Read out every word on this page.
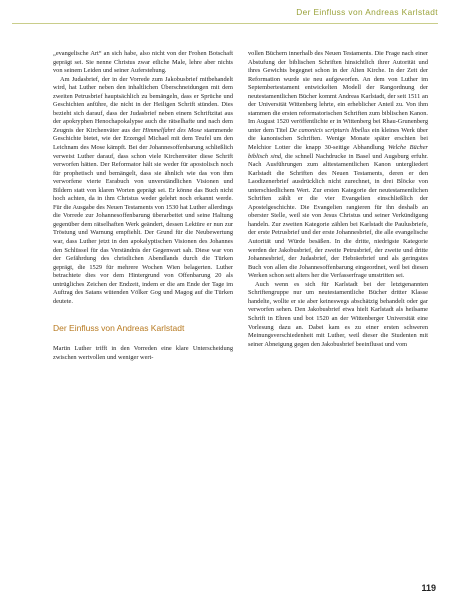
Der Einfluss von Andreas Karlstadt

„evangelische Art“ an sich habe, also nicht von der Frohen Botschaft geprägt sei. Sie nenne Christus zwar etliche Male, lehre aber nichts von seinem Leiden und seiner Auferstehung.

Am Judasbrief, der in der Vorrede zum Jakobusbrief mitbehandelt wird, hat Luther neben den inhaltlichen Überschneidungen mit dem zweiten Petrusbrief hauptsächlich zu bemängeln, dass er Sprüche und Geschichten anführe, die nicht in der Heiligen Schrift stünden. Dies bezieht sich darauf, dass der Judasbrief neben einem Schriftzitat aus der apokryphen Henochapokalypse auch die rätselhafte und nach dem Zeugnis der Kirchenväter aus der Himmelfahrt des Mose stammende Geschichte bietet, wie der Erzengel Michael mit dem Teufel um den Leichnam des Mose kämpft. Bei der Johannesoffenbarung schließlich verweist Luther darauf, dass schon viele Kirchenväter diese Schrift verworfen hätten. Der Reformator hält sie weder für apostolisch noch für prophetisch und bemängelt, dass sie ähnlich wie das von ihm verworfene vierte Esrabuch von unverständlichen Visionen und Bildern statt von klaren Worten geprägt sei. Er könne das Buch nicht hoch achten, da in ihm Christus weder gelehrt noch erkannt werde. Für die Ausgabe des Neuen Testaments von 1530 hat Luther allerdings die Vorrede zur Johannesoffenbarung überarbeitet und seine Haltung gegenüber dem rätselhaften Werk geändert, dessen Lektüre er nun zur Tröstung und Warnung empfiehlt. Der Grund für die Neubewertung war, dass Luther jetzt in den apokalyptischen Visionen des Johannes den Schlüssel für das Verständnis der Gegenwart sah. Diese war von der Gefährdung des christlichen Abendlands durch die Türken geprägt, die 1529 für mehrere Wochen Wien belagerten. Luther betrachtete dies vor dem Hintergrund von Offenbarung 20 als untrügliches Zeichen der Endzeit, indem er die am Ende der Tage im Auftrag des Satans wütenden Völker Gog und Magog auf die Türken deutete.

Der Einfluss von Andreas Karlstadt

Martin Luther trifft in den Vorreden eine klare Unterscheidung zwischen wertvollen und weniger wert-

vollen Büchern innerhalb des Neuen Testaments. Die Frage nach einer Abstufung der biblischen Schriften hinsichtlich ihrer Autorität und ihres Gewichts begegnet schon in der Alten Kirche. In der Zeit der Reformation wurde sie neu aufgeworfen. An dem von Luther im Septembertestament entwickelten Modell der Rangordnung der neutestamentlichen Bücher kommt Andreas Karlstadt, der seit 1511 an der Universität Wittenberg lehrte, ein erheblicher Anteil zu. Von ihm stammen die ersten reformatorischen Schriften zum biblischen Kanon. Im August 1520 veröffentlichte er in Wittenberg bei Rhau-Grunenberg unter dem Titel De canonicis scripturis libellus ein kleines Werk über die kanonischen Schriften. Wenige Monate später erschien bei Melchior Lotter die knapp 30-seitige Abhandlung Welche Bücher biblisch sind, die schnell Nachdrucke in Basel und Augsburg erfuhr. Nach Ausführungen zum alttestamentlichen Kanon untergliedert Karlstadt die Schriften des Neuen Testaments, deren er den Laodizenerbrief ausdrücklich nicht zurechnet, in drei Blöcke von unterschiedlichem Wert. Zur ersten Kategorie der neutestamentlichen Schriften zählt er die vier Evangelien einschließlich der Apostelgeschichte. Die Evangelien rangieren für ihn deshalb an oberster Stelle, weil sie von Jesus Christus und seiner Verkündigung handeln. Zur zweiten Kategorie zählen bei Karlstadt die Paulusbriefe, der erste Petrusbrief und der erste Johannesbrief, die alle evangelische Autorität und Würde besäßen. In die dritte, niedrigste Kategorie werden der Jakobusbrief, der zweite Petrusbrief, der zweite und dritte Johannesbrief, der Judasbrief, der Hebräerbrief und als geringstes Buch von allen die Johannesoffenbarung eingeordnet, weil bei diesen Werken schon seit alters her die Verfasserfrage umstritten sei.

Auch wenn es sich für Karlstadt bei der letztgenannten Schriftengruppe nur um neutestamentliche Bücher dritter Klasse handelte, wollte er sie aber keineswegs abschätzig behandelt oder gar verworfen sehen. Den Jakobusbrief etwa hielt Karlstadt als heilsame Schrift in Ehren und bot 1520 an der Wittenberger Universität eine Vorlesung dazu an. Dabei kam es zu einer ersten schweren Meinungsverschiedenheit mit Luther, weil dieser die Studenten mit seiner Abneigung gegen den Jakobusbrief beeinflusst und vom

119
